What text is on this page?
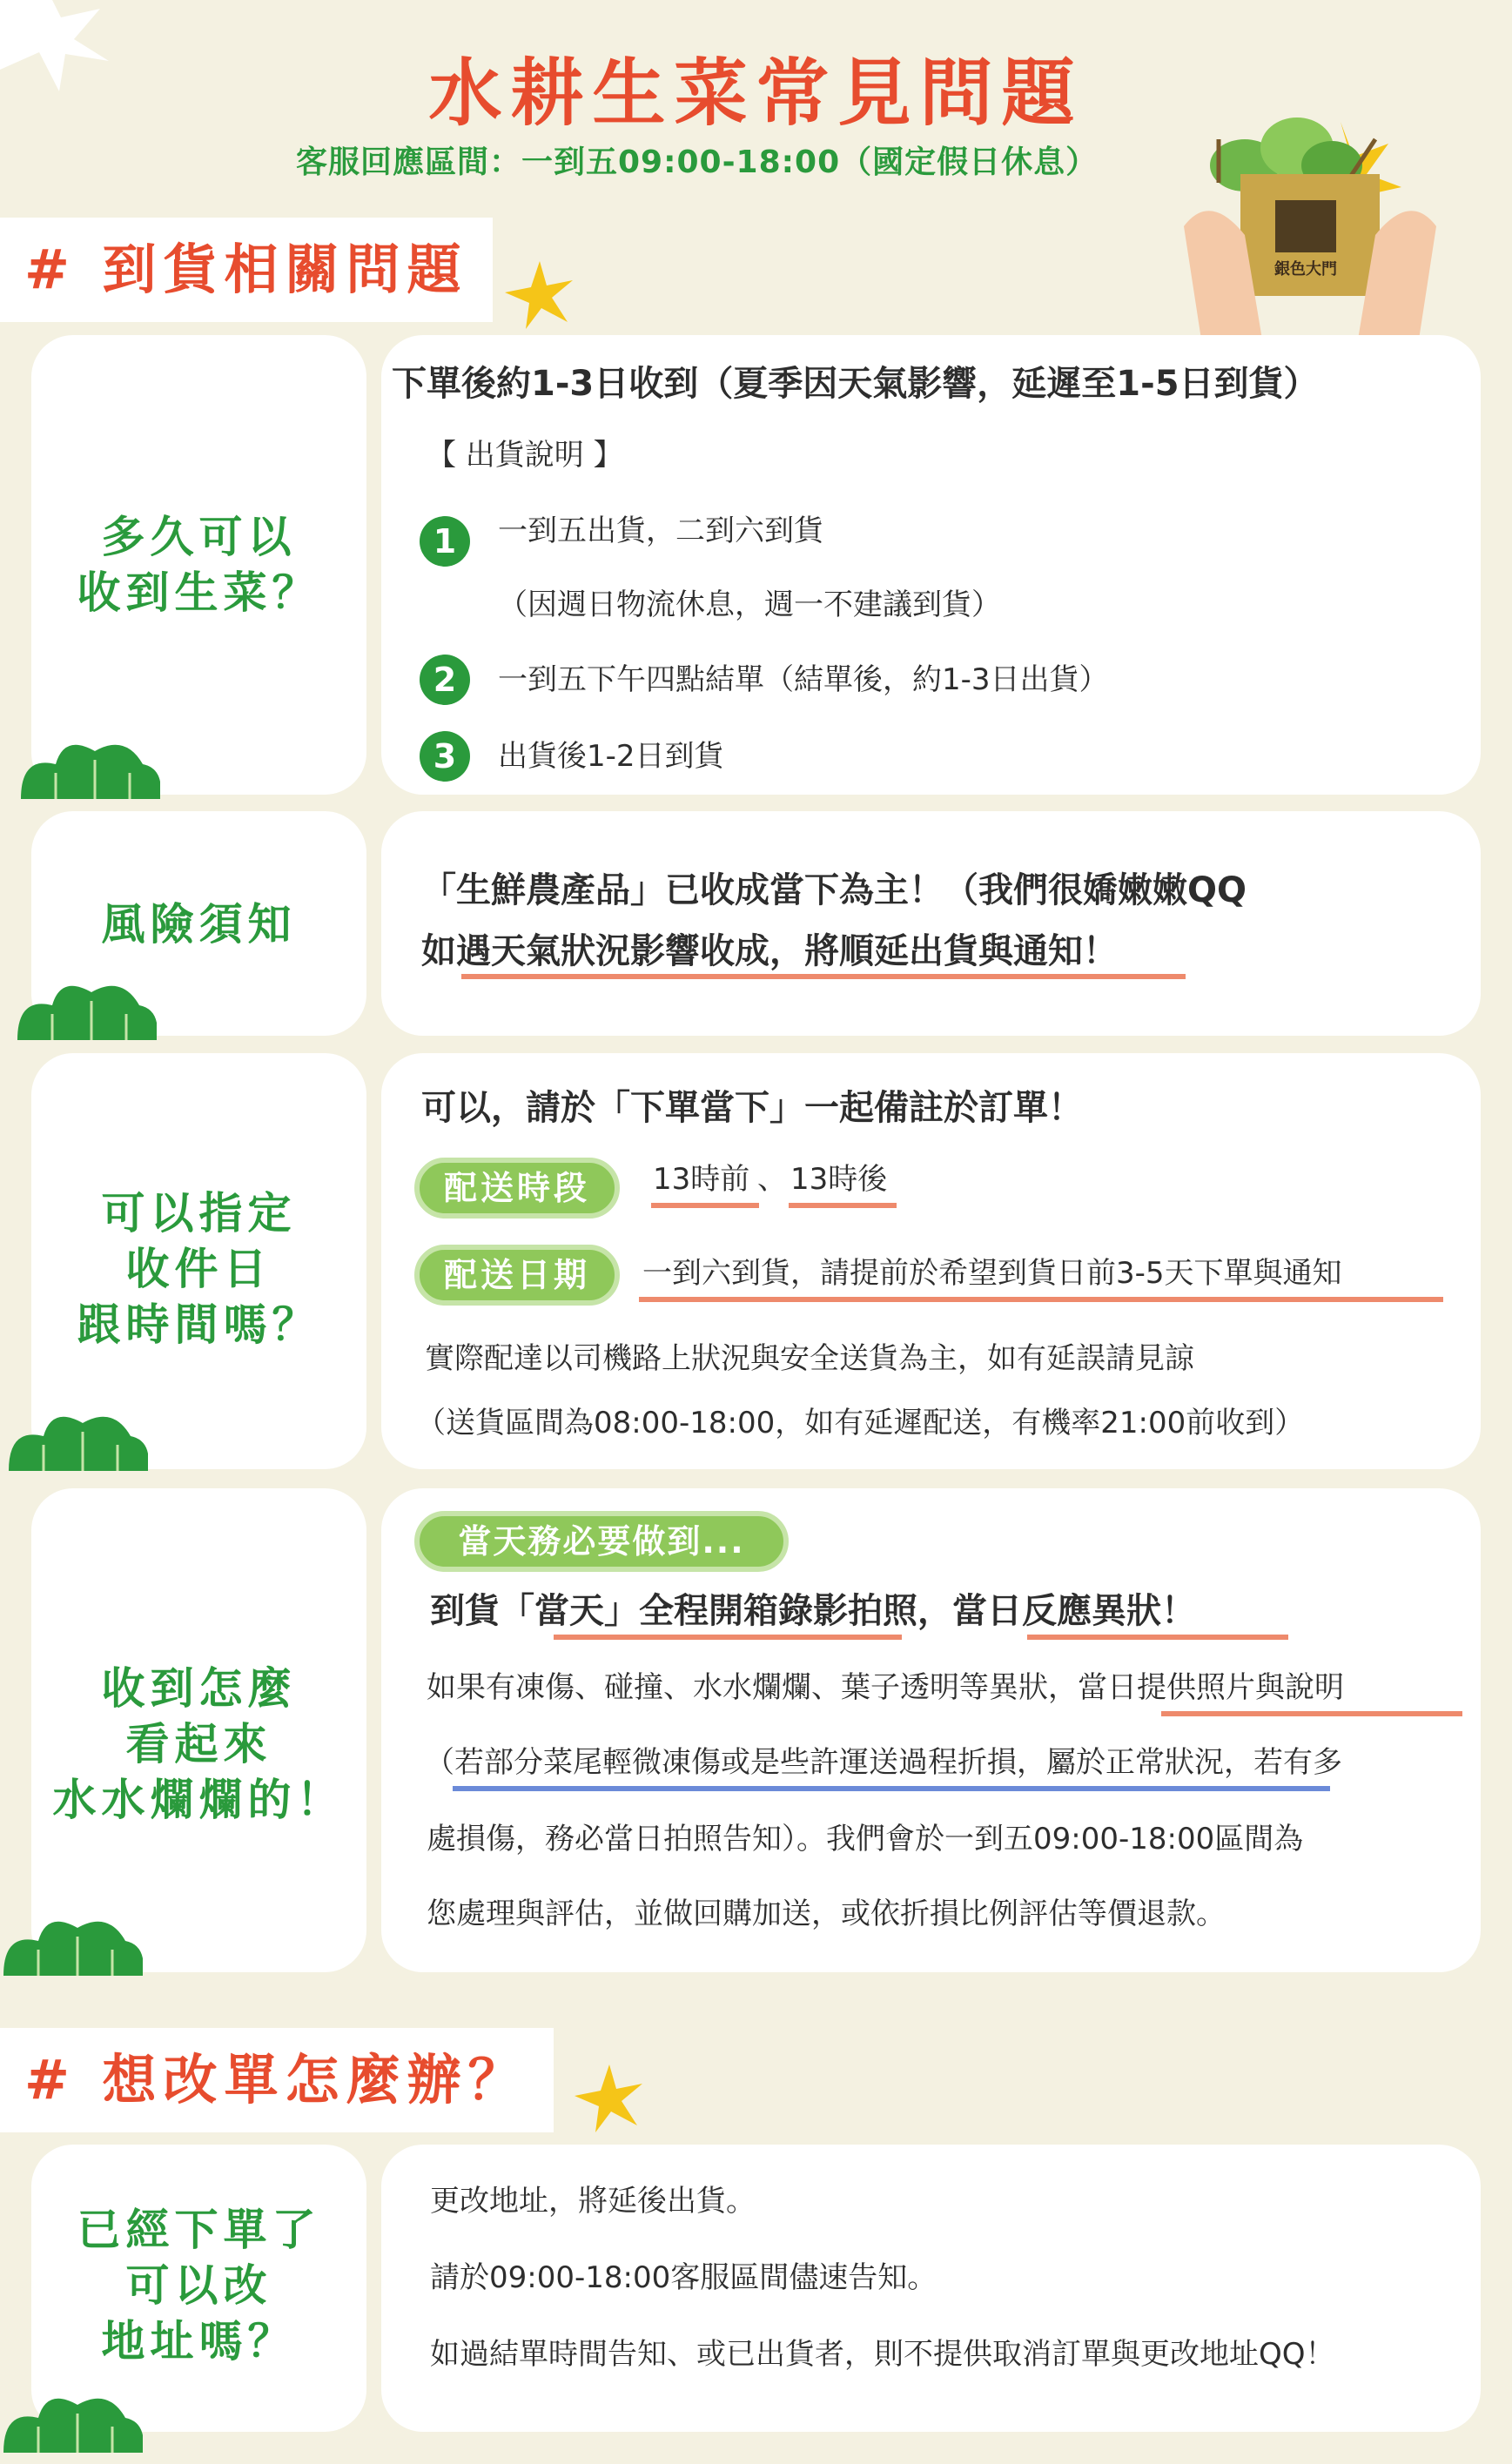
水耕生菜常見問題
客服回應區間：一到五09:00-18:00（國定假日休息）
銀色大門
# 到貨相關問題
多久可以
收到生菜？
下單後約1-3日收到（夏季因天氣影響，延遲至1-5日到貨）
【 出貨說明 】
1	一到五出貨，二到六到貨
（因週日物流休息，週一不建議到貨）
2	一到五下午四點結單（結單後，約1-3日出貨）
3	出貨後1-2日到貨
風險須知
「生鮮農產品」已收成當下為主！（我們很嬌嫩嫩QQ
如遇天氣狀況影響收成，將順延出貨與通知！
可以指定
收件日
跟時間嗎？
可以，請於「下單當下」一起備註於訂單！
配送時段	13時前 、 13時後
配送日期	一到六到貨，請提前於希望到貨日前3-5天下單與通知
實際配達以司機路上狀況與安全送貨為主，如有延誤請見諒
（送貨區間為08:00-18:00，如有延遲配送，有機率21:00前收到）
收到怎麼
看起來
水水爛爛的！
當天務必要做到...
到貨「當天」全程開箱錄影拍照，當日反應異狀！
如果有凍傷、碰撞、水水爛爛、葉子透明等異狀，當日提供照片與說明
（若部分菜尾輕微凍傷或是些許運送過程折損，屬於正常狀況，若有多
處損傷，務必當日拍照告知）。我們會於一到五09:00-18:00區間為
您處理與評估，並做回購加送，或依折損比例評估等價退款。
# 想改單怎麼辦？
已經下單了
可以改
地址嗎？
更改地址，將延後出貨。
請於09:00-18:00客服區間儘速告知。
如過結單時間告知、或已出貨者，則不提供取消訂單與更改地址QQ！
